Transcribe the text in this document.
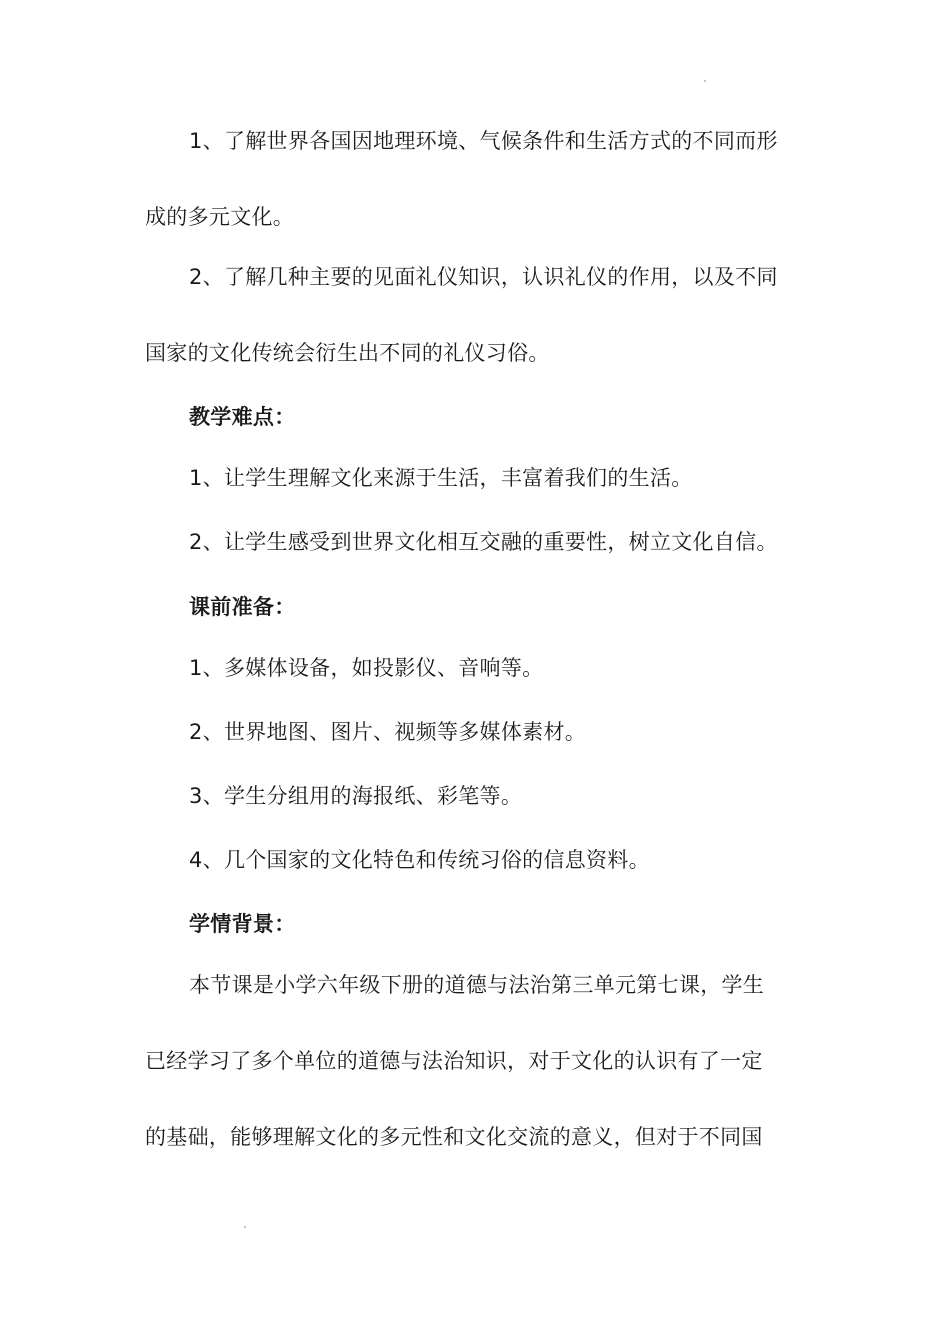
1、了解世界各国因地理环境、气候条件和生活方式的不同而形
成的多元文化。
2、了解几种主要的见面礼仪知识，认识礼仪的作用，以及不同
国家的文化传统会衍生出不同的礼仪习俗。
教学难点：
1、让学生理解文化来源于生活，丰富着我们的生活。
2、让学生感受到世界文化相互交融的重要性，树立文化自信。
课前准备：
1、多媒体设备，如投影仪、音响等。
2、世界地图、图片、视频等多媒体素材。
3、学生分组用的海报纸、彩笔等。
4、几个国家的文化特色和传统习俗的信息资料。
学情背景：
本节课是小学六年级下册的道德与法治第三单元第七课，学生
已经学习了多个单位的道德与法治知识，对于文化的认识有了一定
的基础，能够理解文化的多元性和文化交流的意义，但对于不同国
